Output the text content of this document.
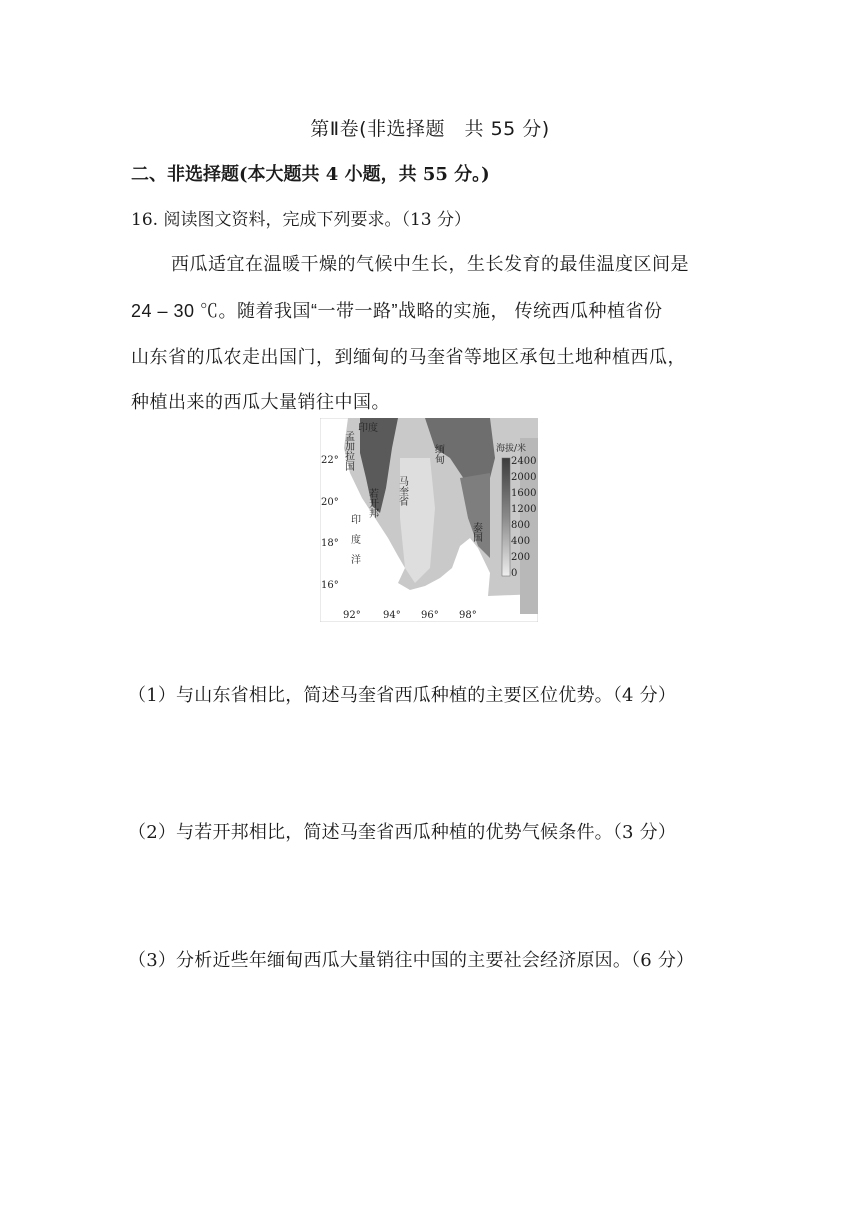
第Ⅱ卷(非选择题　共 55 分)
二、非选择题(本大题共 4 小题，共 55 分。)
16. 阅读图文资料，完成下列要求。（13 分）
西瓜适宜在温暖干燥的气候中生长，生长发育的最佳温度区间是
24 – 30 ℃。随着我国“一带一路”战略的实施， 传统西瓜种植省份
山东省的瓜农走出国门，到缅甸的马奎省等地区承包土地种植西瓜，
种植出来的西瓜大量销往中国。
海拔/米
2400
2000
1600
1200
800
400
200
0
22°
20°
18°
16°
92° 94° 96° 98°
印度
孟加拉国
若开邦 马奎省
缅甸
泰国
印度洋
（1）与山东省相比，简述马奎省西瓜种植的主要区位优势。（4 分）
（2）与若开邦相比，简述马奎省西瓜种植的优势气候条件。（3 分）
（3）分析近些年缅甸西瓜大量销往中国的主要社会经济原因。（6 分）
